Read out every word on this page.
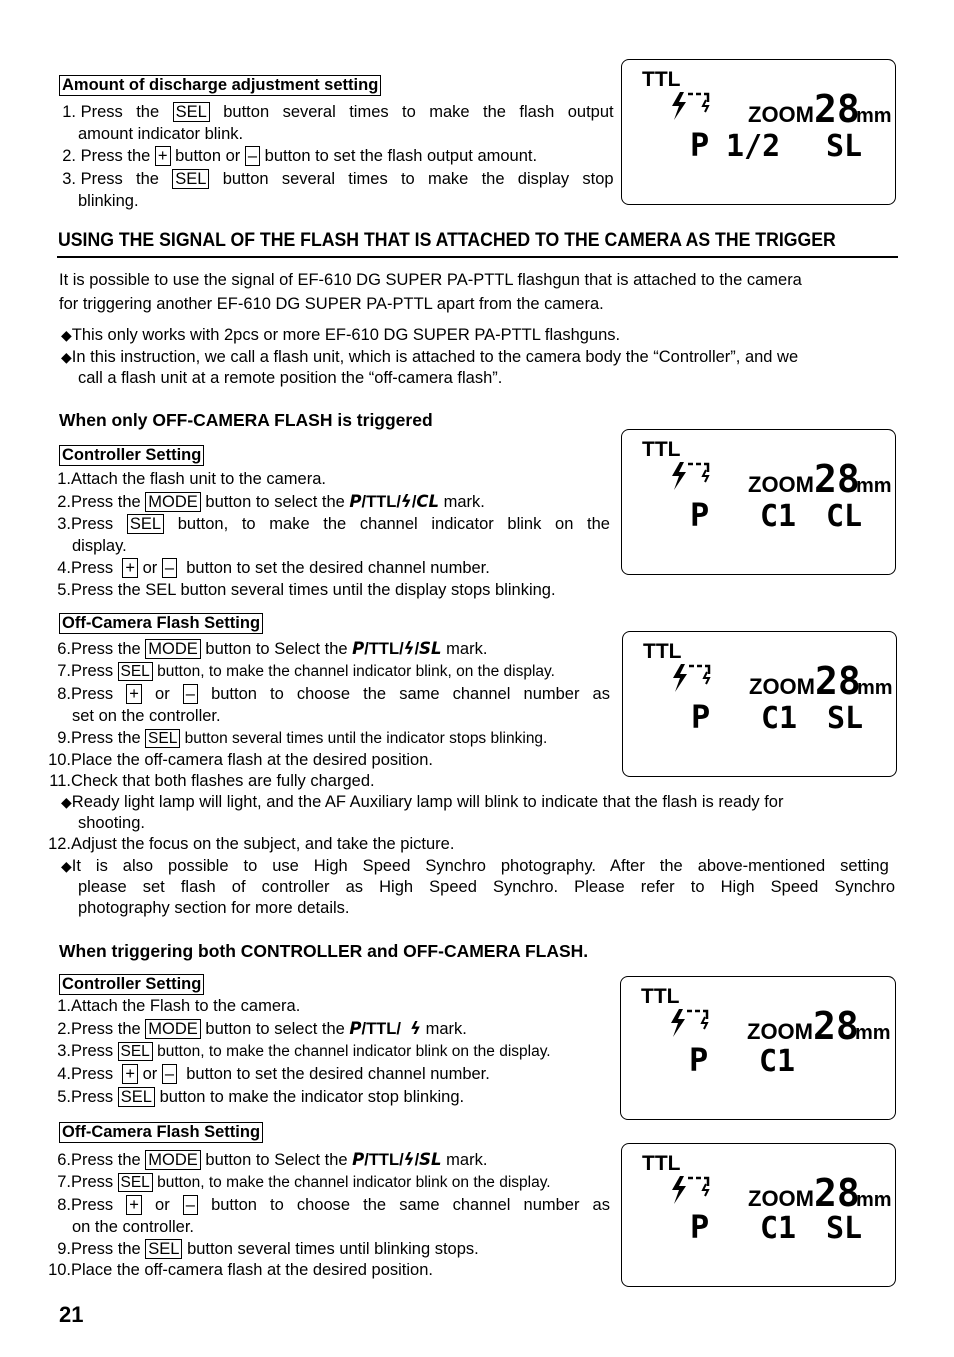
Amount of discharge adjustment setting
1. Press the SEL button several times to make the flash output
amount indicator blink.
2. Press the + button or – button to set the flash output amount.
3. Press the SEL button several times to make the display stop
blinking.
TTL
ZOOM 28
mm
P 1/2 SL
USING THE SIGNAL OF THE FLASH THAT IS ATTACHED TO THE CAMERA AS THE TRIGGER
It is possible to use the signal of EF-610 DG SUPER PA-PTTL flashgun that is attached to the camera
for triggering another EF-610 DG SUPER PA-PTTL apart from the camera.
◆This only works with 2pcs or more EF-610 DG SUPER PA-PTTL flashguns.
◆In this instruction, we call a flash unit, which is attached to the camera body the “Controller”, and we
call a flash unit at a remote position the “off-camera flash”.
When only OFF-CAMERA FLASH is triggered
Controller Setting
1.Attach the flash unit to the camera.
2.Press the MODE button to select the P/TTL/ϟ/CL mark.
3.Press SEL button, to make the channel indicator blink on the
display.
4.Press + or – button to set the desired channel number.
5.Press the SEL button several times until the display stops blinking.
TTL
ZOOM 28
mm
P C1 CL
Off-Camera Flash Setting
6.Press the MODE button to Select the P/TTL/ϟ/SL mark.
7.Press SEL button, to make the channel indicator blink, on the display.
8.Press + or – button to choose the same channel number as
set on the controller.
9.Press the SEL button several times until the indicator stops blinking.
10.Place the off-camera flash at the desired position.
11.Check that both flashes are fully charged.
◆Ready light lamp will light, and the AF Auxiliary lamp will blink to indicate that the flash is ready for
shooting.
12.Adjust the focus on the subject, and take the picture.
◆It is also possible to use High Speed Synchro photography. After the above-mentioned setting
please set flash of controller as High Speed Synchro. Please refer to High Speed Synchro
photography section for more details.
TTL
ZOOM 28
mm
P C1 SL
When triggering both CONTROLLER and OFF-CAMERA FLASH.
Controller Setting
1.Attach the Flash to the camera.
2.Press the MODE button to select the P/TTL/ ϟ mark.
3.Press SEL button, to make the channel indicator blink on the display.
4.Press + or – button to set the desired channel number.
5.Press SEL button to make the indicator stop blinking.
TTL
ZOOM 28
mm
P C1
Off-Camera Flash Setting
6.Press the MODE button to Select the P/TTL/ϟ/SL mark.
7.Press SEL button, to make the channel indicator blink on the display.
8.Press + or – button to choose the same channel number as
on the controller.
9.Press the SEL button several times until blinking stops.
10.Place the off-camera flash at the desired position.
TTL
ZOOM 28
mm
P C1 SL
21
